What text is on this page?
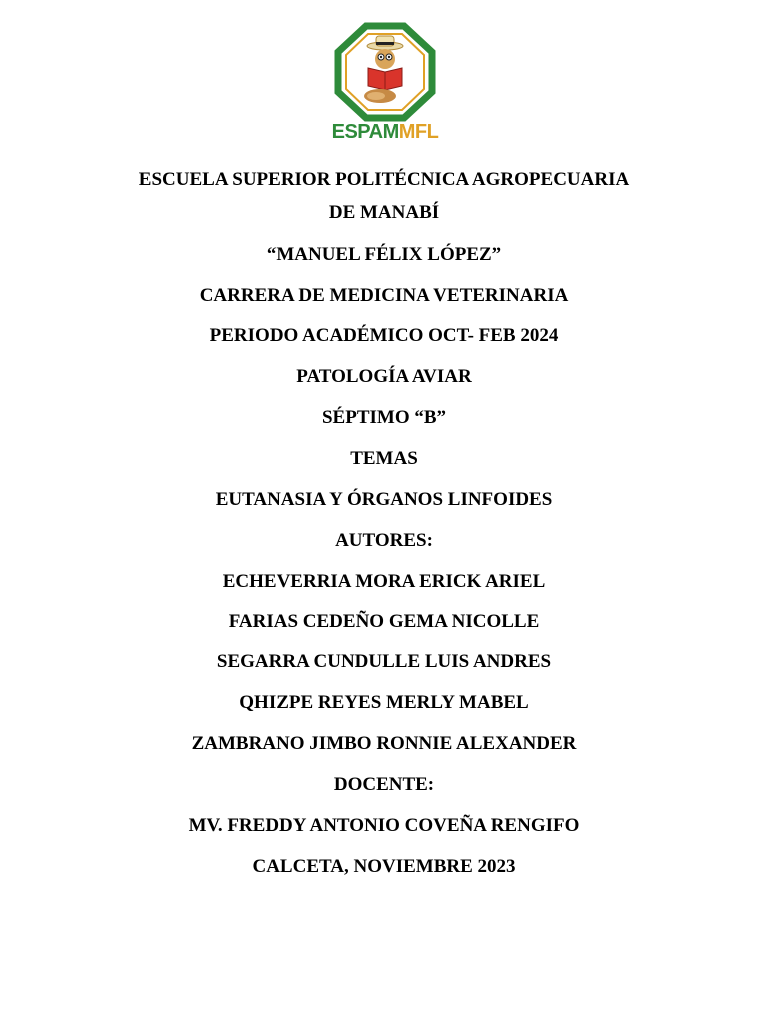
ESPAMMFL
ESCUELA SUPERIOR POLITÉCNICA AGROPECUARIA
DE MANABÍ
“MANUEL FÉLIX LÓPEZ”
CARRERA DE MEDICINA VETERINARIA
PERIODO ACADÉMICO OCT- FEB 2024
PATOLOGÍA AVIAR
SÉPTIMO “B”
TEMAS
EUTANASIA Y ÓRGANOS LINFOIDES
AUTORES:
ECHEVERRIA MORA ERICK ARIEL
FARIAS CEDEÑO GEMA NICOLLE
SEGARRA CUNDULLE LUIS ANDRES
QHIZPE REYES MERLY MABEL
ZAMBRANO JIMBO RONNIE ALEXANDER
DOCENTE:
MV. FREDDY ANTONIO COVEÑA RENGIFO
CALCETA, NOVIEMBRE 2023
